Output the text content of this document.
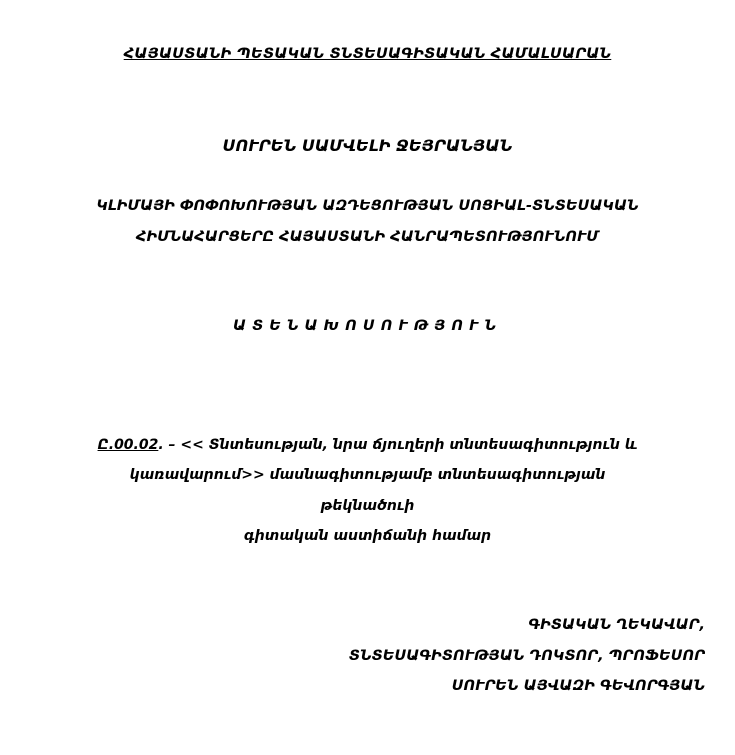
ՀԱՅԱՍՏԱՆԻ ՊԵՏԱԿԱՆ ՏՆՏԵՍԱԳԻՏԱԿԱՆ ՀԱՄԱԼՍԱՐԱՆ
ՍՈՒՐԵՆ ՍԱՄՎԵԼԻ ՋԵՅՐԱՆՅԱՆ
ԿԼԻՄԱՅԻ ՓՈՓՈԽՈՒԹՅԱՆ ԱԶԴԵՑՈՒԹՅԱՆ ՍՈՑԻԱԼ-ՏՆՏԵՍԱԿԱՆ
ՀԻՄՆԱՀԱՐՑԵՐԸ ՀԱՅԱՍՏԱՆԻ ՀԱՆՐԱՊԵՏՈՒԹՅՈՒՆՈՒՄ
ԱՏԵՆԱԽՈՍՈՒԹՅՈՒՆ
Ը.00.02. – << Տնտեսության, նրա ճյուղերի տնտեսագիտություն և
կառավարում>> մասնագիտությամբ տնտեսագիտության
թեկնածուի
գիտական աստիճանի համար
ԳԻՏԱԿԱՆ ՂԵԿԱՎԱՐ,
ՏՆՏԵՍԱԳԻՏՈՒԹՅԱՆ ԴՈԿՏՈՐ, ՊՐՈՖԵՍՈՐ
ՍՈՒՐԵՆ ԱՅՎԱԶԻ ԳԵՎՈՐԳՅԱՆ
